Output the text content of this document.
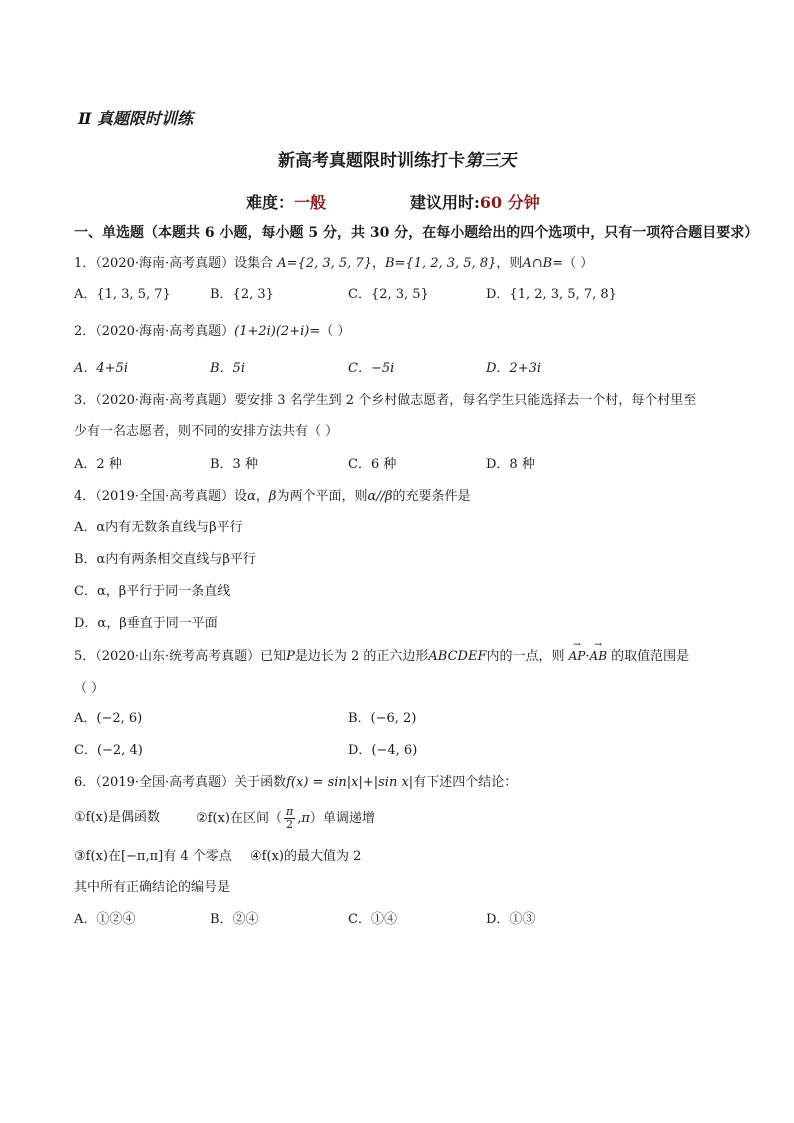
Ⅱ 真题限时训练
新高考真题限时训练打卡第三天
难度：一般	建议用时:60 分钟
一、单选题（本题共 6 小题，每小题 5 分，共 30 分，在每小题给出的四个选项中，只有一项符合题目要求）
1．（2020·海南·高考真题）设集合 A={2, 3, 5, 7}，B={1, 2, 3, 5, 8}，则A∩B=（ ）
A．{1, 3, 5, 7}	B．{2, 3}	C．{2, 3, 5}	D．{1, 2, 3, 5, 7, 8}
2．（2020·海南·高考真题）(1+2i)(2+i)=（ ）
A．4+5i	B．5i	C．−5i	D．2+3i
3．（2020·海南·高考真题）要安排 3 名学生到 2 个乡村做志愿者，每名学生只能选择去一个村，每个村里至
少有一名志愿者，则不同的安排方法共有（ ）
A．2 种	B．3 种	C．6 种	D．8 种
4．（2019·全国·高考真题）设α，β为两个平面，则α//β的充要条件是
A．α内有无数条直线与β平行
B．α内有两条相交直线与β平行
C．α，β平行于同一条直线
D．α，β垂直于同一平面
5．（2020·山东·统考高考真题）已知P是边长为 2 的正六边形ABCDEF内的一点，则 → AP·→ AB 的取值范围是
（ ）
A．(−2, 6)	B．(−6, 2)
C．(−2, 4)	D．(−4, 6)
6．（2019·全国·高考真题）关于函数f(x) = sin|x|+|sin x|有下述四个结论：
①f(x)是偶函数	②f(x)在区间（ $\frac{\pi}{2} ,\pi$）单调递增
③f(x)在[−π,π]有 4 个零点 ④f(x)的最大值为 2
其中所有正确结论的编号是
A．①②④	B．②④	C．①④	D．①③
